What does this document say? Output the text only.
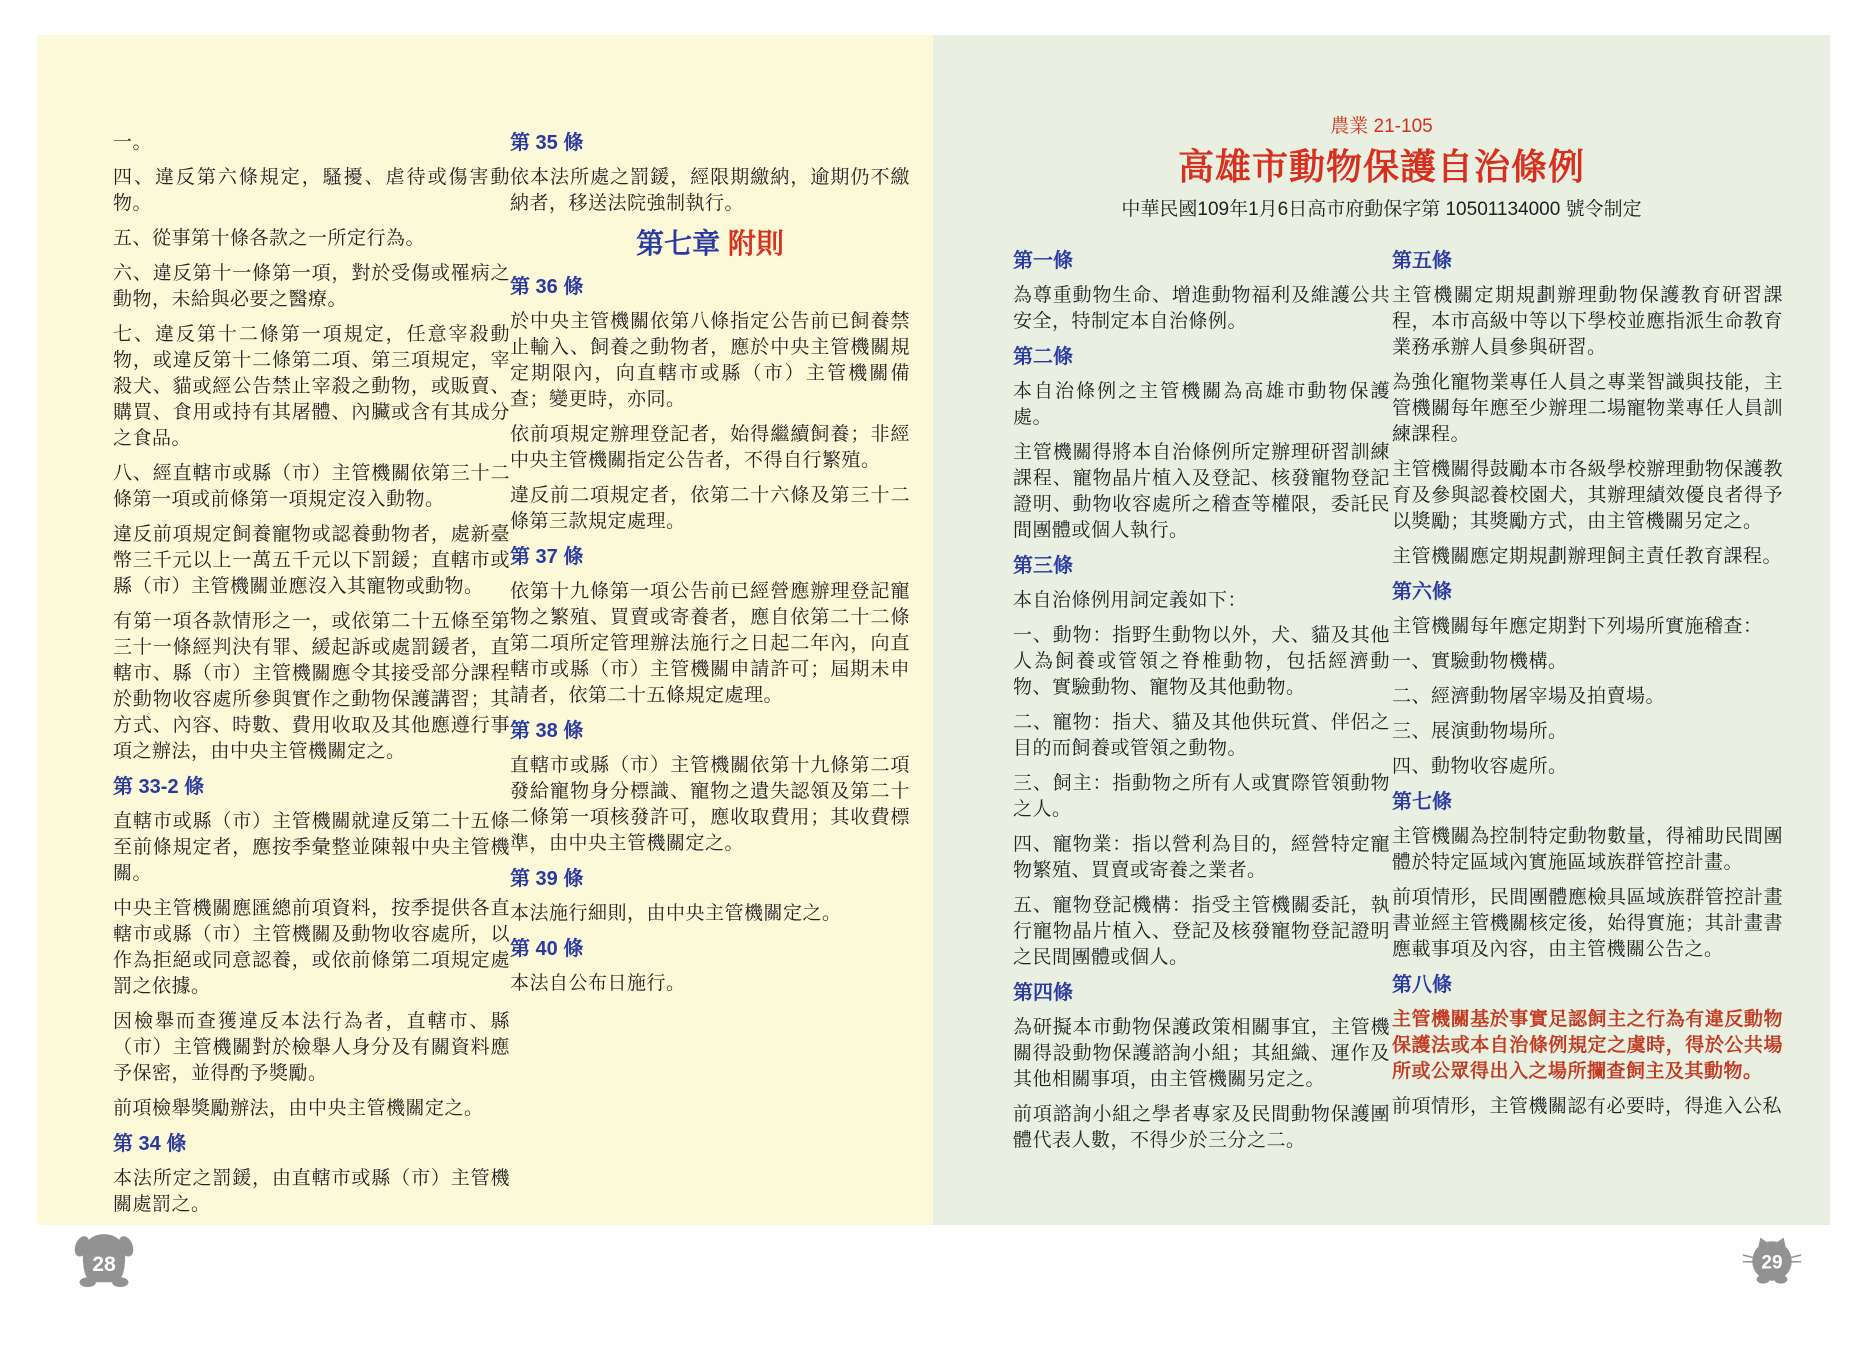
一。

四、違反第六條規定，騷擾、虐待或傷害動物。

五、從事第十條各款之一所定行為。

六、違反第十一條第一項，對於受傷或罹病之動物，未給與必要之醫療。

七、違反第十二條第一項規定，任意宰殺動物，或違反第十二條第二項、第三項規定，宰殺犬、貓或經公告禁止宰殺之動物，或販賣、購買、食用或持有其屠體、內臟或含有其成分之食品。

八、經直轄市或縣（市）主管機關依第三十二條第一項或前條第一項規定沒入動物。

違反前項規定飼養寵物或認養動物者，處新臺幣三千元以上一萬五千元以下罰鍰；直轄市或縣（市）主管機關並應沒入其寵物或動物。

有第一項各款情形之一，或依第二十五條至第三十一條經判決有罪、緩起訴或處罰鍰者，直轄市、縣（市）主管機關應令其接受部分課程於動物收容處所參與實作之動物保護講習；其方式、內容、時數、費用收取及其他應遵行事項之辦法，由中央主管機關定之。

第 33-2 條

直轄市或縣（市）主管機關就違反第二十五條至前條規定者，應按季彙整並陳報中央主管機關。

中央主管機關應匯總前項資料，按季提供各直轄市或縣（市）主管機關及動物收容處所，以作為拒絕或同意認養，或依前條第二項規定處罰之依據。

因檢舉而查獲違反本法行為者，直轄市、縣（市）主管機關對於檢舉人身分及有關資料應予保密，並得酌予獎勵。

前項檢舉獎勵辦法，由中央主管機關定之。

第 34 條

本法所定之罰鍰，由直轄市或縣（市）主管機關處罰之。

第 35 條

依本法所處之罰鍰，經限期繳納，逾期仍不繳納者，移送法院強制執行。

第七章 附則

第 36 條

於中央主管機關依第八條指定公告前已飼養禁止輸入、飼養之動物者，應於中央主管機關規定期限內，向直轄市或縣（市）主管機關備查；變更時，亦同。

依前項規定辦理登記者，始得繼續飼養；非經中央主管機關指定公告者，不得自行繁殖。

違反前二項規定者，依第二十六條及第三十二條第三款規定處理。

第 37 條

依第十九條第一項公告前已經營應辦理登記寵物之繁殖、買賣或寄養者，應自依第二十二條第二項所定管理辦法施行之日起二年內，向直轄市或縣（市）主管機關申請許可；屆期未申請者，依第二十五條規定處理。

第 38 條

直轄市或縣（市）主管機關依第十九條第二項發給寵物身分標識、寵物之遺失認領及第二十二條第一項核發許可，應收取費用；其收費標準，由中央主管機關定之。

第 39 條

本法施行細則，由中央主管機關定之。

第 40 條

本法自公布日施行。

農業 21-105
高雄市動物保護自治條例
中華民國109年1月6日高市府動保字第 10501134000 號令制定

第一條

為尊重動物生命、增進動物福利及維護公共安全，特制定本自治條例。

第二條

本自治條例之主管機關為高雄市動物保護處。

主管機關得將本自治條例所定辦理研習訓練課程、寵物晶片植入及登記、核發寵物登記證明、動物收容處所之稽查等權限，委託民間團體或個人執行。

第三條

本自治條例用詞定義如下：

一、動物：指野生動物以外，犬、貓及其他人為飼養或管領之脊椎動物，包括經濟動物、實驗動物、寵物及其他動物。

二、寵物：指犬、貓及其他供玩賞、伴侶之目的而飼養或管領之動物。

三、飼主：指動物之所有人或實際管領動物之人。

四、寵物業：指以營利為目的，經營特定寵物繁殖、買賣或寄養之業者。

五、寵物登記機構：指受主管機關委託，執行寵物晶片植入、登記及核發寵物登記證明之民間團體或個人。

第四條

為研擬本市動物保護政策相關事宜，主管機關得設動物保護諮詢小組；其組織、運作及其他相關事項，由主管機關另定之。

前項諮詢小組之學者專家及民間動物保護團體代表人數，不得少於三分之二。

第五條

主管機關定期規劃辦理動物保護教育研習課程，本市高級中等以下學校並應指派生命教育業務承辦人員參與研習。

為強化寵物業專任人員之專業智識與技能，主管機關每年應至少辦理二場寵物業專任人員訓練課程。

主管機關得鼓勵本市各級學校辦理動物保護教育及參與認養校園犬，其辦理績效優良者得予以獎勵；其獎勵方式，由主管機關另定之。

主管機關應定期規劃辦理飼主責任教育課程。

第六條

主管機關每年應定期對下列場所實施稽查：

一、實驗動物機構。

二、經濟動物屠宰場及拍賣場。

三、展演動物場所。

四、動物收容處所。

第七條

主管機關為控制特定動物數量，得補助民間團體於特定區域內實施區域族群管控計畫。

前項情形，民間團體應檢具區域族群管控計畫書並經主管機關核定後，始得實施；其計畫書應載事項及內容，由主管機關公告之。

第八條

主管機關基於事實足認飼主之行為有違反動物保護法或本自治條例規定之虞時，得於公共場所或公眾得出入之場所攔查飼主及其動物。

前項情形，主管機關認有必要時，得進入公私

28	29
